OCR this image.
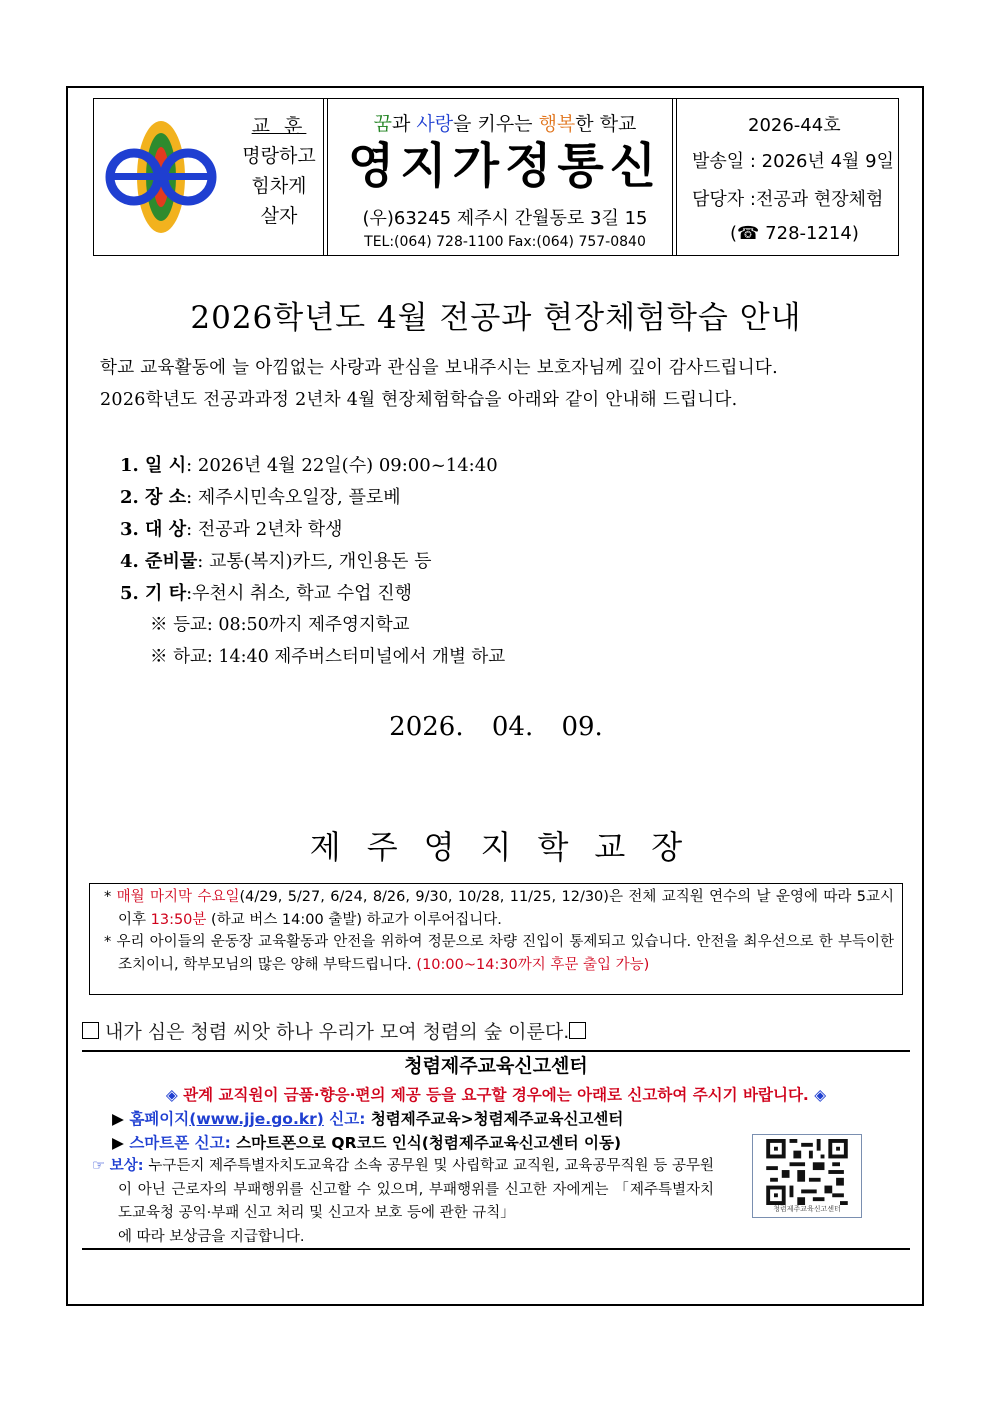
교 훈
명랑하고
힘차게
살자
꿈과 사랑을 키우는 행복한 학교
영지가정통신
(우)63245 제주시 간월동로 3길 15
TEL:(064) 728-1100 Fax:(064) 757-0840
2026-44호
발송일 : 2026년 4월 9일
담당자 :전공과 현장체험
(☎ 728-1214)
2026학년도 4월 전공과 현장체험학습 안내
학교 교육활동에 늘 아낌없는 사랑과 관심을 보내주시는 보호자님께 깊이 감사드립니다.
2026학년도 전공과과정 2년차 4월 현장체험학습을 아래와 같이 안내해 드립니다.
1. 일 시: 2026년 4월 22일(수) 09:00~14:40
2. 장 소: 제주시민속오일장, 플로베
3. 대 상: 전공과 2년차 학생
4. 준비물: 교통(복지)카드, 개인용돈 등
5. 기 타:우천시 취소, 학교 수업 진행
※ 등교: 08:50까지 제주영지학교
※ 하교: 14:40 제주버스터미널에서 개별 하교
2026. 04. 09.
제주영지학교장

* 매월 마지막 수요일(4/29, 5/27, 6/24, 8/26, 9/30, 10/28, 11/25, 12/30)은 전체 교직원 연수의 날 운영에 따라 5교시 이후 13:50분 (하교 버스 14:00 출발) 하교가 이루어집니다.

* 우리 아이들의 운동장 교육활동과 안전을 위하여 정문으로 차량 진입이 통제되고 있습니다. 안전을 최우선으로 한 부득이한 조치이니, 학부모님의 많은 양해 부탁드립니다. (10:00~14:30까지 후문 출입 가능)

내가 심은 청렴 씨앗 하나 우리가 모여 청렴의 숲 이룬다.
청렴제주교육신고센터
◈ 관계 교직원이 금품·향응·편의 제공 등을 요구할 경우에는 아래로 신고하여 주시기 바랍니다. ◈
▶ 홈페이지(www.jje.go.kr) 신고: 청렴제주교육>청렴제주교육신고센터
▶ 스마트폰 신고: 스마트폰으로 QR코드 인식(청렴제주교육신고센터 이동)

☞ 보상: 누구든지 제주특별자치도교육감 소속 공무원 및 사립학교 교직원, 교육공무직원 등 공무원이 아닌 근로자의 부패행위를 신고할 수 있으며, 부패행위를 신고한 자에게는 「제주특별자치도교육청 공익·부패 신고 처리 및 신고자 보호 등에 관한 규칙」

에 따라 보상금을 지급합니다.
청렴제주교육신고센터
